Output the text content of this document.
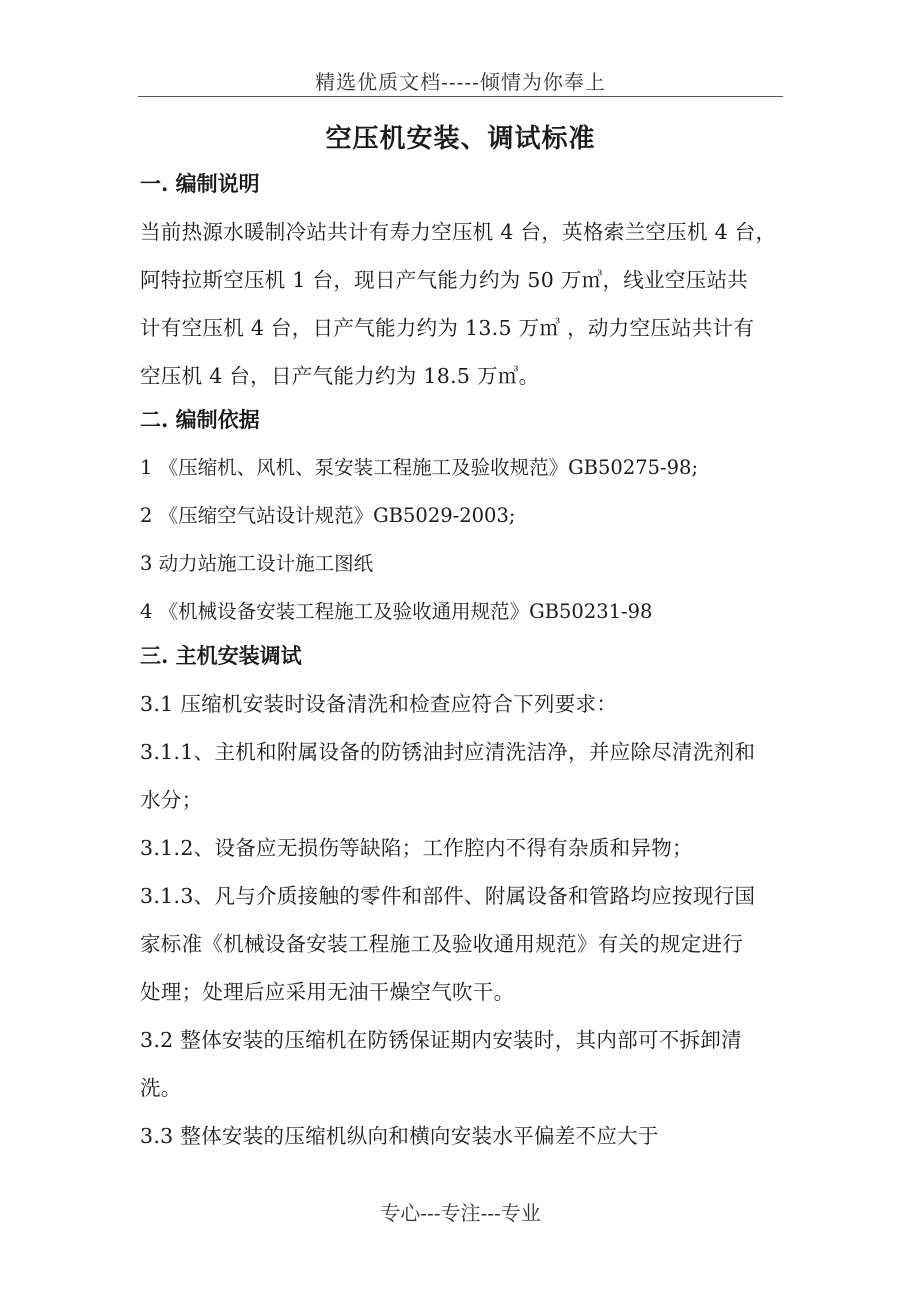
精选优质文档-----倾情为你奉上
空压机安装、调试标准
一. 编制说明

当前热源水暖制冷站共计有寿力空压机 4 台，英格索兰空压机 4 台，

阿特拉斯空压机 1 台，现日产气能力约为 50 万㎥，线业空压站共

计有空压机 4 台，日产气能力约为 13.5 万㎥ ，动力空压站共计有

空压机 4 台，日产气能力约为 18.5 万㎥。

二. 编制依据

1 《压缩机、风机、泵安装工程施工及验收规范》GB50275-98;

2 《压缩空气站设计规范》GB5029-2003;

3 动力站施工设计施工图纸

4 《机械设备安装工程施工及验收通用规范》GB50231-98

三. 主机安装调试

3.1 压缩机安装时设备清洗和检查应符合下列要求：

3.1.1、主机和附属设备的防锈油封应清洗洁净，并应除尽清洗剂和

水分；

3.1.2、设备应无损伤等缺陷；工作腔内不得有杂质和异物；

3.1.3、凡与介质接触的零件和部件、附属设备和管路均应按现行国

家标准《机械设备安装工程施工及验收通用规范》有关的规定进行

处理；处理后应采用无油干燥空气吹干。

3.2 整体安装的压缩机在防锈保证期内安装时，其内部可不拆卸清

洗。

3.3 整体安装的压缩机纵向和横向安装水平偏差不应大于

专心---专注---专业
